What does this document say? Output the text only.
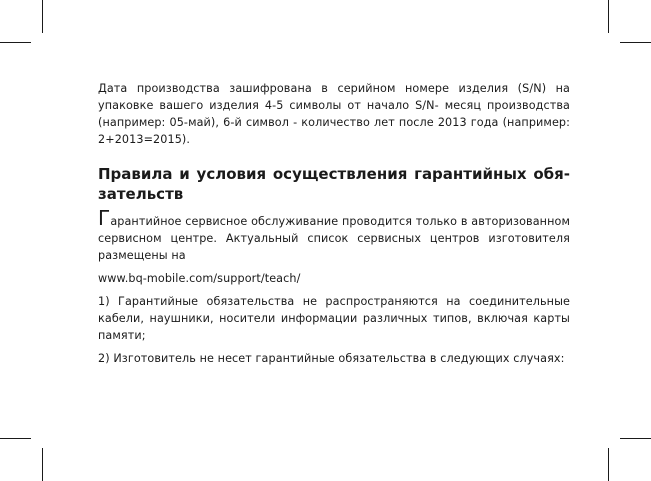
Дата производства зашифрована в серийном номере изделия (S/N) на упаковке вашего изделия 4-5 символы от начало S/N- месяц производства (например: 05-май), 6-й символ - количество лет после 2013 года (например: 2+2013=2015).

Правила и условия осуществления гарантийных обязательств

Гарантийное сервисное обслуживание проводится только в авторизованном сервисном центре. Актуальный список сервисных центров изготовителя размещены на

www.bq-mobile.com/support/teach/

1) Гарантийные обязательства не распространяются на соединительные кабели, наушники, носители информации различных типов, включая карты памяти;

2) Изготовитель не несет гарантийные обязательства в следующих случаях:
